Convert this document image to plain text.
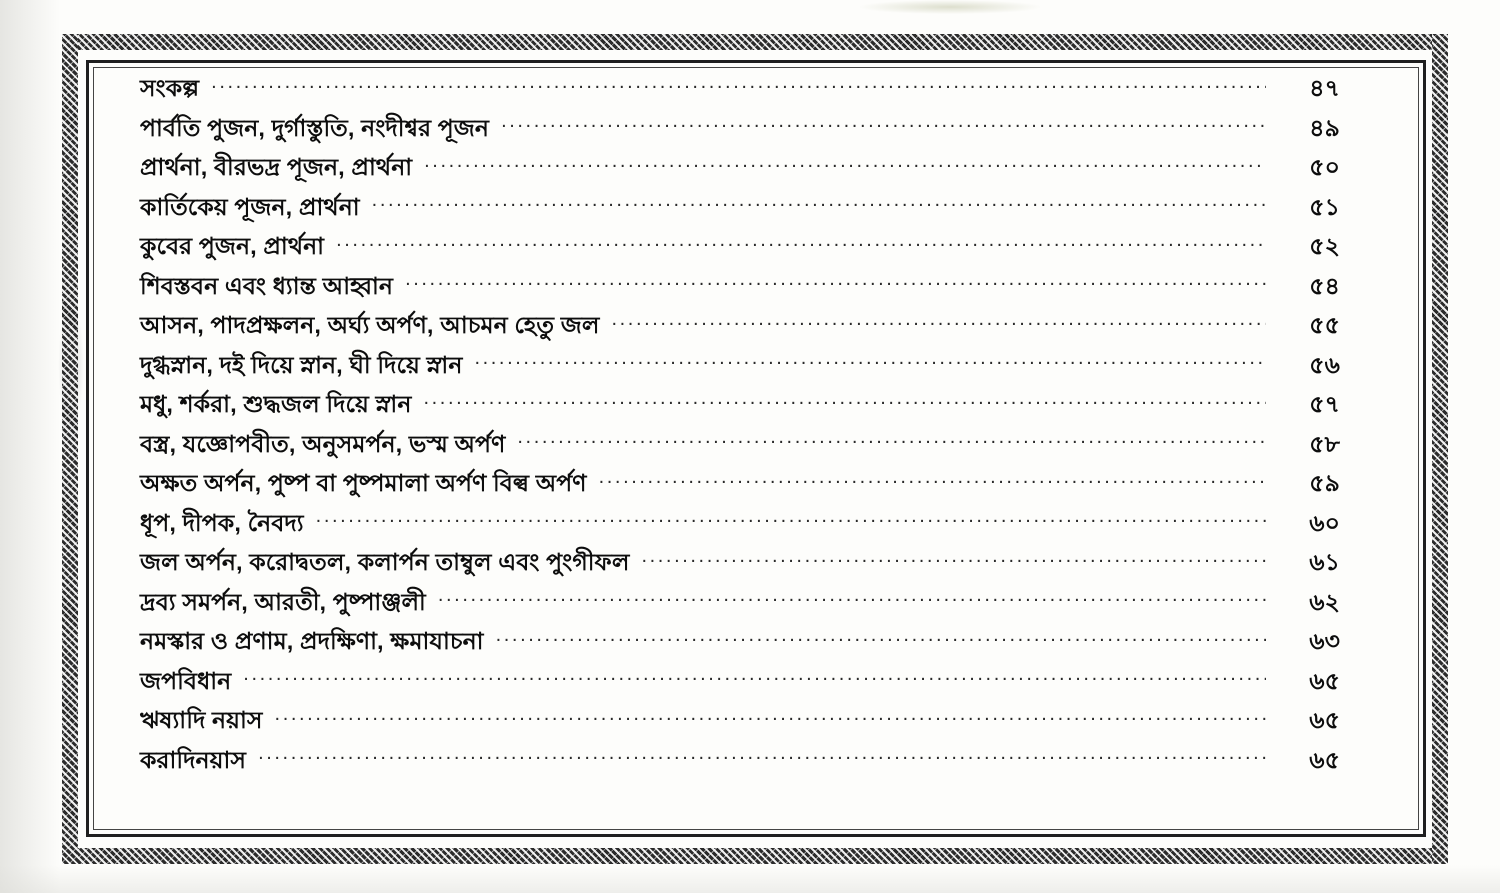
সংকল্প .....	৪৭
পার্বতি পুজন, দুর্গাস্তুতি, নংদীশ্বর পূজন .....	৪৯
প্রার্থনা, বীরভদ্র পূজন, প্রার্থনা .....	৫০
কার্তিকেয় পূজন, প্রার্থনা .....	৫১
কুবের পুজন, প্রার্থনা .....	৫২
শিবস্তবন এবং ধ্যান্ত আহ্বান .....	৫৪
আসন, পাদপ্রক্ষলন, অর্ঘ্য অর্পণ, আচমন হেতু জল .....	৫৫
দুগ্ধস্নান, দই দিয়ে স্নান, ঘী দিয়ে স্নান .....	৫৬
মধু, শর্করা, শুদ্ধজল দিয়ে স্নান .....	৫৭
বস্ত্র, যজ্ঞোপবীত, অনুসমর্পন, ভস্ম অর্পণ .....	৫৮
অক্ষত অর্পন, পুষ্প বা পুষ্পমালা অর্পণ বিল্ব অর্পণ .....	৫৯
ধূপ, দীপক, নৈবদ্য .....	৬০
জল অর্পন, করোদ্বতল, কলার্পন তাম্বুল এবং পুংগীফল .....	৬১
দ্রব্য সমর্পন, আরতী, পুষ্পাঞ্জলী .....	৬২
নমস্কার ও প্রণাম, প্রদক্ষিণা, ক্ষমাযাচনা .....	৬৩
জপবিধান .....	৬৫
ঋষ্যাদি নয়াস .....	৬৫
করাদিনয়াস .....	৬৫
